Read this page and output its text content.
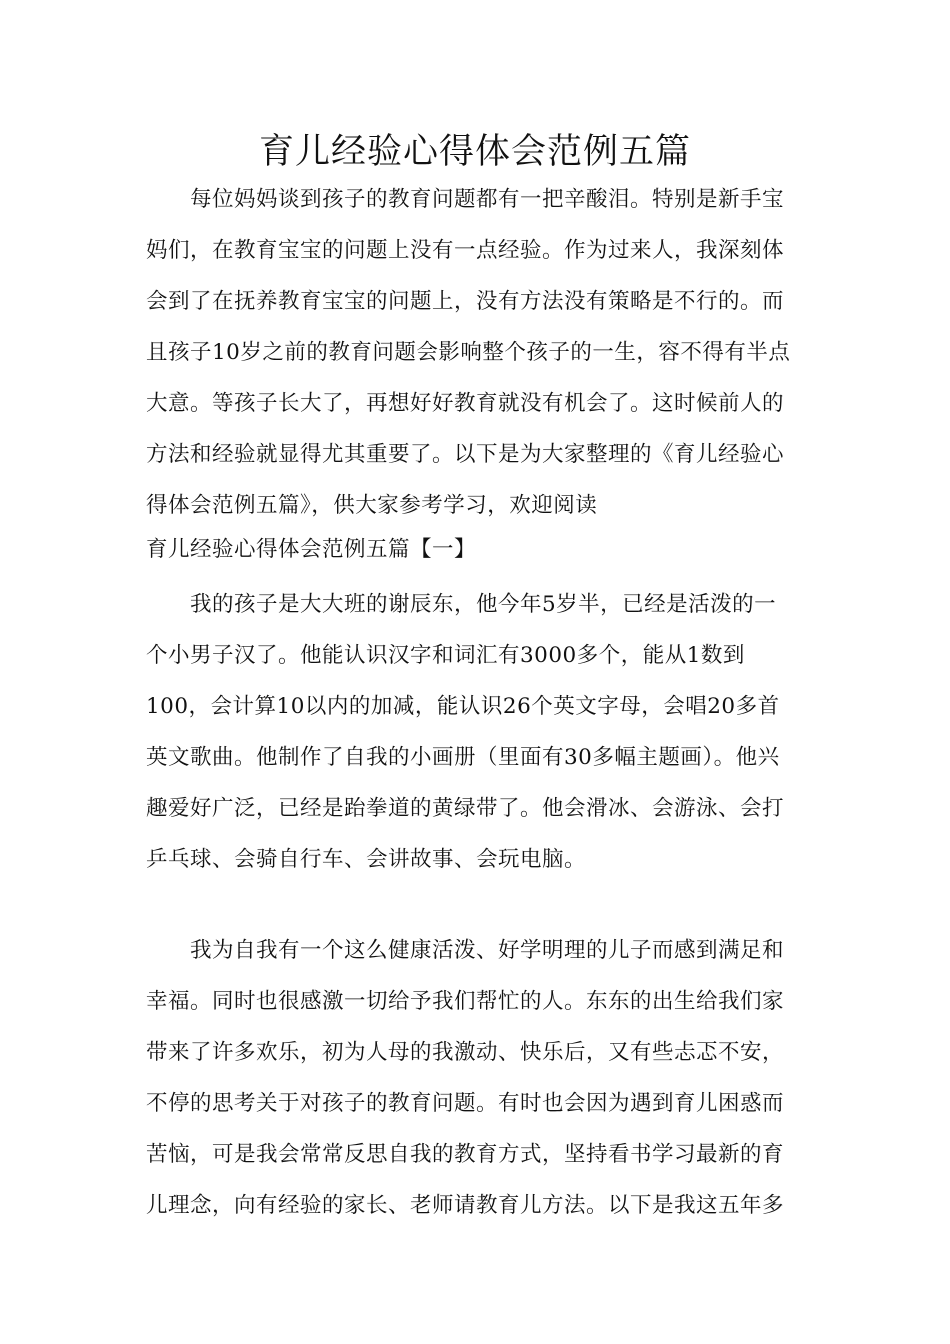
育儿经验心得体会范例五篇
每位妈妈谈到孩子的教育问题都有一把辛酸泪。特别是新手宝
妈们，在教育宝宝的问题上没有一点经验。作为过来人，我深刻体
会到了在抚养教育宝宝的问题上，没有方法没有策略是不行的。而
且孩子10岁之前的教育问题会影响整个孩子的一生，容不得有半点
大意。等孩子长大了，再想好好教育就没有机会了。这时候前人的
方法和经验就显得尤其重要了。以下是为大家整理的《育儿经验心
得体会范例五篇》，供大家参考学习，欢迎阅读
育儿经验心得体会范例五篇【一】
我的孩子是大大班的谢辰东，他今年5岁半，已经是活泼的一
个小男子汉了。他能认识汉字和词汇有3000多个，能从1数到
100，会计算10以内的加减，能认识26个英文字母，会唱20多首
英文歌曲。他制作了自我的小画册（里面有30多幅主题画）。他兴
趣爱好广泛，已经是跆拳道的黄绿带了。他会滑冰、会游泳、会打
乒乓球、会骑自行车、会讲故事、会玩电脑。
我为自我有一个这么健康活泼、好学明理的儿子而感到满足和
幸福。同时也很感激一切给予我们帮忙的人。东东的出生给我们家
带来了许多欢乐，初为人母的我激动、快乐后，又有些忐忑不安，
不停的思考关于对孩子的教育问题。有时也会因为遇到育儿困惑而
苦恼，可是我会常常反思自我的教育方式，坚持看书学习最新的育
儿理念，向有经验的家长、老师请教育儿方法。以下是我这五年多
